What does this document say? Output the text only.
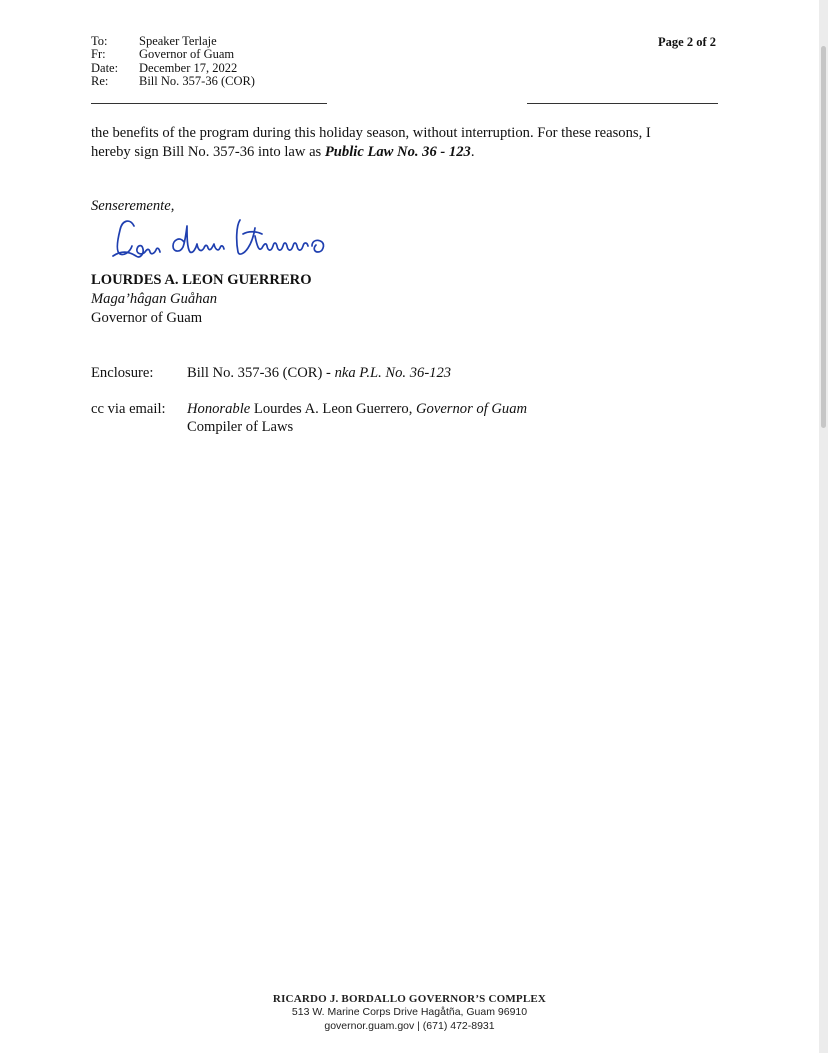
To:	Speaker Terlaje
Fr:	Governor of Guam
Date:	December 17, 2022
Re:	Bill No. 357-36 (COR)
Page 2 of 2
the benefits of the program during this holiday season, without interruption. For these reasons, I
hereby sign Bill No. 357-36 into law as Public Law No. 36 - 123.
Senseremente,
LOURDES A. LEON GUERRERO
Maga’hâgan Guåhan
Governor of Guam
Enclosure:	Bill No. 357-36 (COR) - nka P.L. No. 36-123
cc via email:	Honorable Lourdes A. Leon Guerrero, Governor of Guam
Compiler of Laws
RICARDO J. BORDALLO GOVERNOR’S COMPLEX
513 W. Marine Corps Drive Hagåtña, Guam 96910
governor.guam.gov | (671) 472-8931
